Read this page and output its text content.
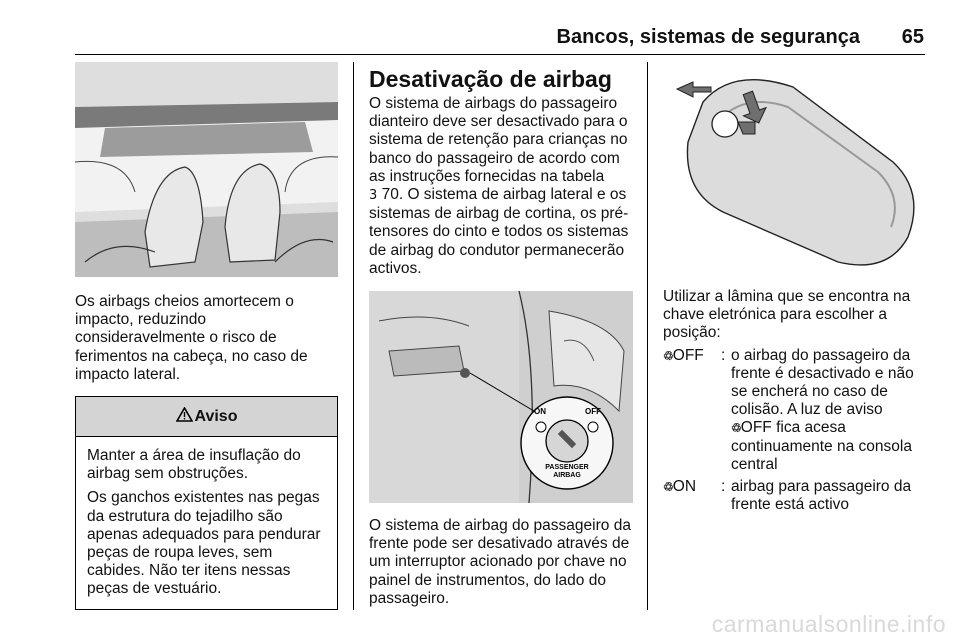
Bancos, sistemas de segurança 65

Os airbags cheios amortecem o impacto, reduzindo consideravelmente o risco de ferimentos na cabeça, no caso de impacto lateral.

Aviso

Manter a área de insuflação do airbag sem obstruções.

Os ganchos existentes nas pegas da estrutura do tejadilho são apenas adequados para pendurar peças de roupa leves, sem cabides. Não ter itens nessas peças de vestuário.

Desativação de airbag

O sistema de airbags do passageiro dianteiro deve ser desactivado para o sistema de retenção para crianças no banco do passageiro de acordo com as instruções fornecidas na tabela
3 70. O sistema de airbag lateral e os sistemas de airbag de cortina, os pré-tensores do cinto e todos os sistemas de airbag do condutor permanecerão activos.

ON	OFF
PASSENGER
AIRBAG

O sistema de airbag do passageiro da frente pode ser desativado através de um interruptor acionado por chave no painel de instrumentos, do lado do passageiro.

Utilizar a lâmina que se encontra na chave eletrónica para escolher a posição:

♲OFF	: o airbag do passageiro da frente é desactivado e não se encherá no caso de colisão. A luz de aviso ♲OFF fica acesa continuamente na consola central
♲ON	: airbag para passageiro da frente está activo
carmanualsonline.info
